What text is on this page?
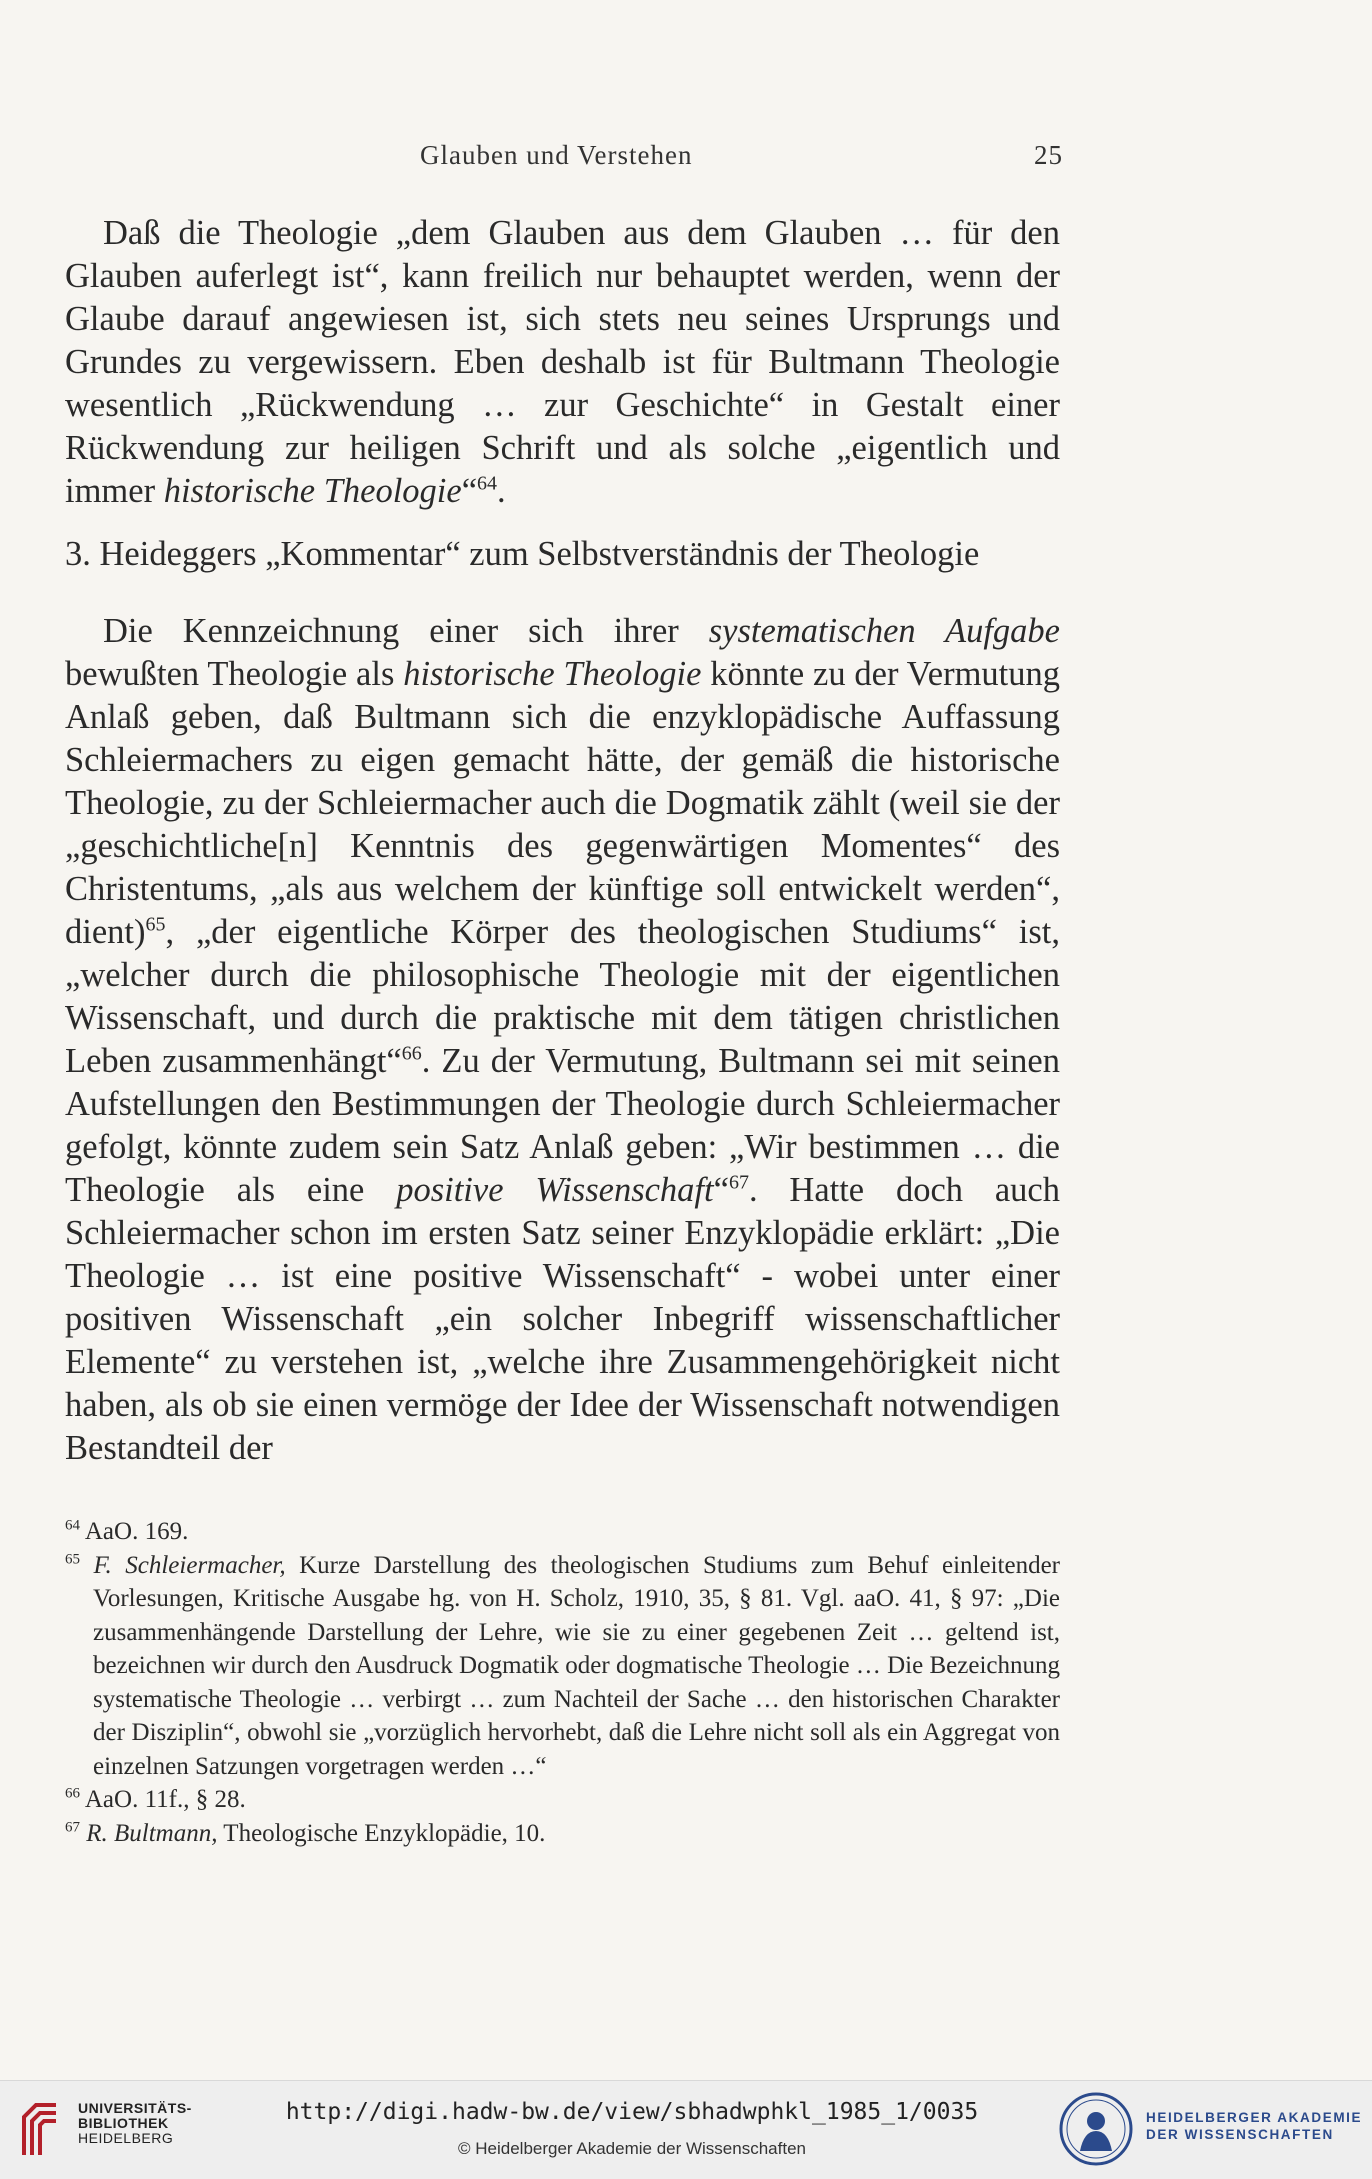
Glauben und Verstehen	25

Daß die Theologie „dem Glauben aus dem Glauben … für den Glauben auferlegt ist“, kann freilich nur behauptet werden, wenn der Glaube darauf angewiesen ist, sich stets neu seines Ursprungs und Grundes zu vergewissern. Eben deshalb ist für Bultmann Theologie wesentlich „Rückwendung … zur Geschichte“ in Gestalt einer Rückwendung zur heiligen Schrift und als solche „eigentlich und immer historische Theologie“$^{64}$.

3. Heideggers „Kommentar“ zum Selbstverständnis der Theologie

Die Kennzeichnung einer sich ihrer systematischen Aufgabe bewußten Theologie als historische Theologie könnte zu der Vermutung Anlaß geben, daß Bultmann sich die enzyklopädische Auffassung Schleiermachers zu eigen gemacht hätte, der gemäß die historische Theologie, zu der Schleiermacher auch die Dogmatik zählt (weil sie der „geschichtliche[n] Kenntnis des gegenwärtigen Momentes“ des Christentums, „als aus welchem der künftige soll entwickelt werden“, dient)$^{65}$, „der eigentliche Körper des theologischen Studiums“ ist, „welcher durch die philosophische Theologie mit der eigentlichen Wissenschaft, und durch die praktische mit dem tätigen christlichen Leben zusammenhängt“$^{66}$. Zu der Vermutung, Bultmann sei mit seinen Aufstellungen den Bestimmungen der Theologie durch Schleiermacher gefolgt, könnte zudem sein Satz Anlaß geben: „Wir bestimmen … die Theologie als eine positive Wissenschaft“$^{67}$. Hatte doch auch Schleiermacher schon im ersten Satz seiner Enzyklopädie erklärt: „Die Theologie … ist eine positive Wissenschaft“ - wobei unter einer positiven Wissenschaft „ein solcher Inbegriff wissenschaftlicher Elemente“ zu verstehen ist, „welche ihre Zusammengehörigkeit nicht haben, als ob sie einen vermöge der Idee der Wissenschaft notwendigen Bestandteil der

$^{64}$ AaO. 169.

$^{65}$ F. Schleiermacher, Kurze Darstellung des theologischen Studiums zum Behuf einleitender Vorlesungen, Kritische Ausgabe hg. von H. Scholz, 1910, 35, § 81. Vgl. aaO. 41, § 97: „Die zusammenhängende Darstellung der Lehre, wie sie zu einer gegebenen Zeit … geltend ist, bezeichnen wir durch den Ausdruck Dogmatik oder dogmatische Theologie … Die Bezeichnung systematische Theologie … verbirgt … zum Nachteil der Sache … den historischen Charakter der Disziplin“, obwohl sie „vorzüglich hervorhebt, daß die Lehre nicht soll als ein Aggregat von einzelnen Satzungen vorgetragen werden …“

$^{66}$ AaO. 11f., § 28.

$^{67}$ R. Bultmann, Theologische Enzyklopädie, 10.

UNIVERSITÄTS-
BIBLIOTHEK
HEIDELBERG
http://digi.hadw-bw.de/view/sbhadwphkl_1985_1/0035
© Heidelberger Akademie der Wissenschaften
HEIDELBERGER AKADEMIE
DER WISSENSCHAFTEN
